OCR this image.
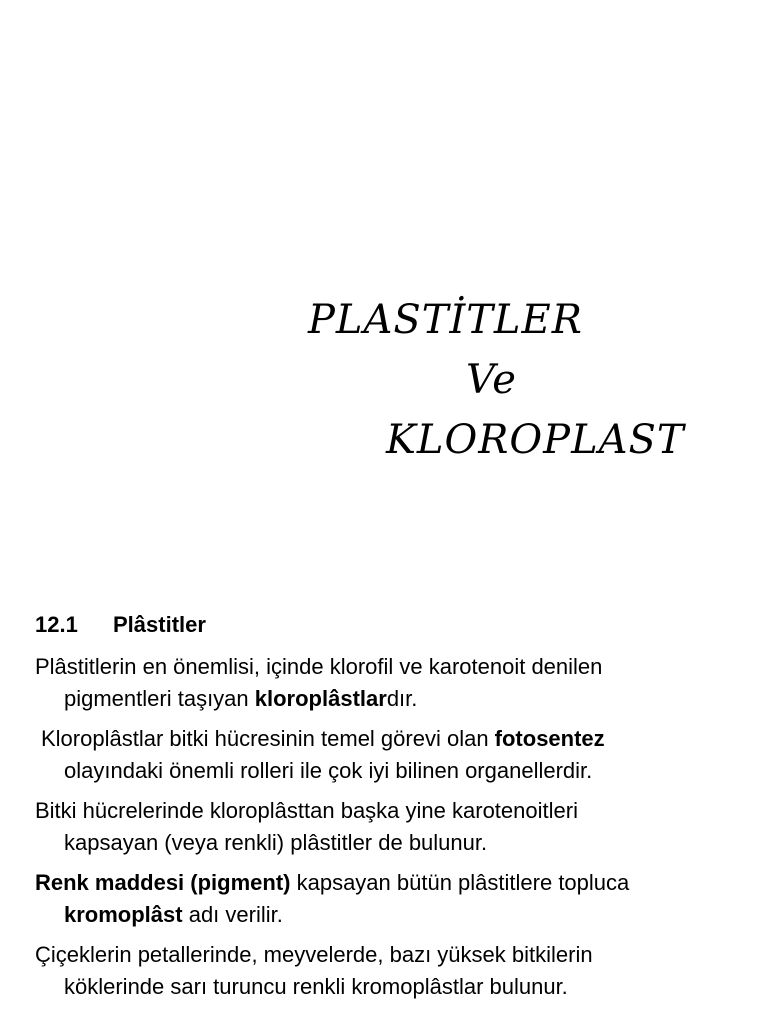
PLASTİTLER
Ve
KLOROPLAST
12.1 Plâstitler
Plâstitlerin en önemlisi, içinde klorofil ve karotenoit denilen
pigmentleri taşıyan kloroplâstlardır.
Kloroplâstlar bitki hücresinin temel görevi olan fotosentez
olayındaki önemli rolleri ile çok iyi bilinen organellerdir.
Bitki hücrelerinde kloroplâsttan başka yine karotenoitleri
kapsayan (veya renkli) plâstitler de bulunur.
Renk maddesi (pigment) kapsayan bütün plâstitlere topluca
kromoplâst adı verilir.
Çiçeklerin petallerinde, meyvelerde, bazı yüksek bitkilerin
köklerinde sarı turuncu renkli kromoplâstlar bulunur.
